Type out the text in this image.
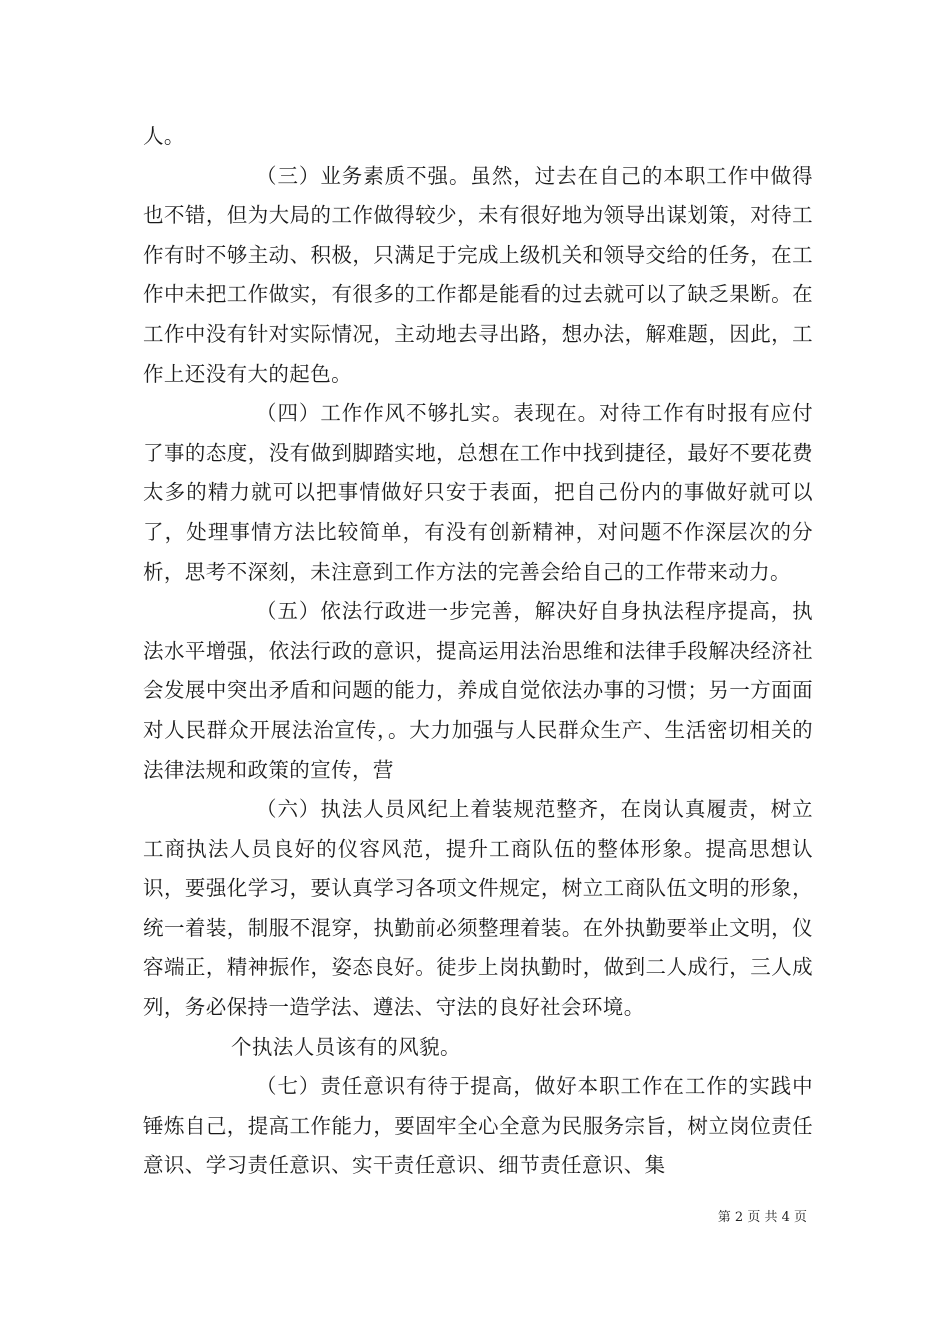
人。

（三）业务素质不强。虽然，过去在自己的本职工作中做得也不错，但为大局的工作做得较少，未有很好地为领导出谋划策，对待工作有时不够主动、积极，只满足于完成上级机关和领导交给的任务，在工作中未把工作做实，有很多的工作都是能看的过去就可以了缺乏果断。在工作中没有针对实际情况，主动地去寻出路，想办法，解难题，因此，工作上还没有大的起色。

（四）工作作风不够扎实。表现在。对待工作有时报有应付了事的态度，没有做到脚踏实地，总想在工作中找到捷径，最好不要花费太多的精力就可以把事情做好只安于表面，把自己份内的事做好就可以了，处理事情方法比较简单，有没有创新精神，对问题不作深层次的分析，思考不深刻，未注意到工作方法的完善会给自己的工作带来动力。

（五）依法行政进一步完善，解决好自身执法程序提高，执法水平增强，依法行政的意识，提高运用法治思维和法律手段解决经济社会发展中突出矛盾和问题的能力，养成自觉依法办事的习惯；另一方面面对人民群众开展法治宣传，。大力加强与人民群众生产、生活密切相关的法律法规和政策的宣传，营

（六）执法人员风纪上着装规范整齐，在岗认真履责，树立工商执法人员良好的仪容风范，提升工商队伍的整体形象。提高思想认识，要强化学习，要认真学习各项文件规定，树立工商队伍文明的形象，统一着装，制服不混穿，执勤前必须整理着装。在外执勤要举止文明，仪容端正，精神振作，姿态良好。徒步上岗执勤时，做到二人成行，三人成列，务必保持一造学法、遵法、守法的良好社会环境。

个执法人员该有的风貌。

（七）责任意识有待于提高，做好本职工作在工作的实践中锤炼自己，提高工作能力，要固牢全心全意为民服务宗旨，树立岗位责任意识、学习责任意识、实干责任意识、细节责任意识、集

第 2 页 共 4 页
